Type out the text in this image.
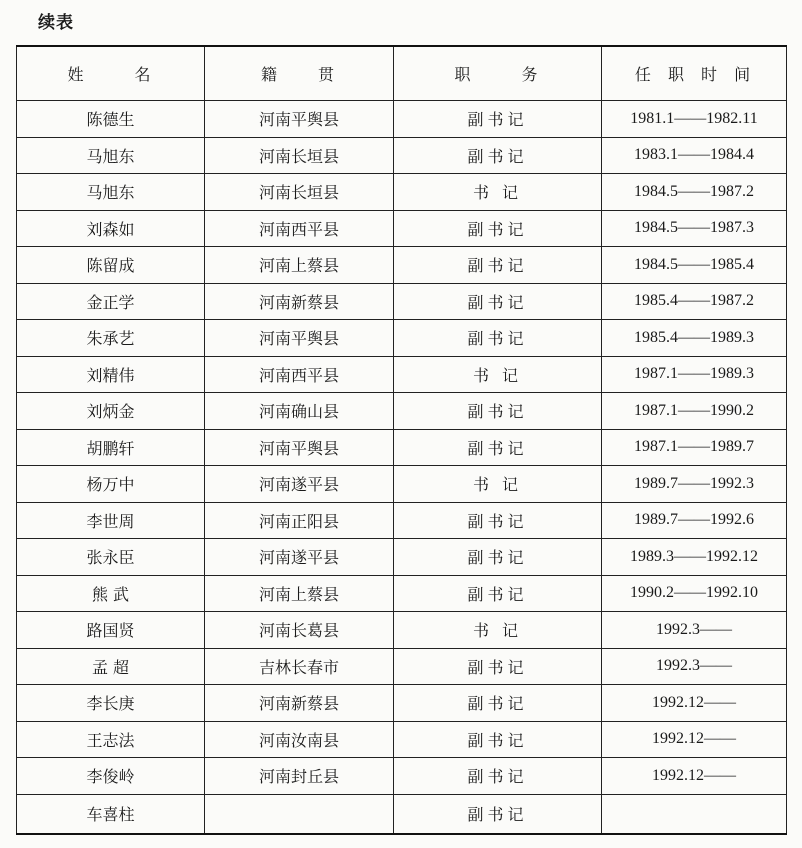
续表
姓 名	籍 贯	职 务	任 职 时 间
陈德生	河南平舆县	副书记	1981.1——1982.11
马旭东	河南长垣县	副书记	1983.1——1984.4
马旭东	河南长垣县	书 记	1984.5——1987.2
刘森如	河南西平县	副书记	1984.5——1987.3
陈留成	河南上蔡县	副书记	1984.5——1985.4
金正学	河南新蔡县	副书记	1985.4——1987.2
朱承艺	河南平舆县	副书记	1985.4——1989.3
刘精伟	河南西平县	书 记	1987.1——1989.3
刘炳金	河南确山县	副书记	1987.1——1990.2
胡鹏轩	河南平舆县	副书记	1987.1——1989.7
杨万中	河南遂平县	书 记	1989.7——1992.3
李世周	河南正阳县	副书记	1989.7——1992.6
张永臣	河南遂平县	副书记	1989.3——1992.12
熊 武	河南上蔡县	副书记	1990.2——1992.10
路国贤	河南长葛县	书 记	1992.3——
孟 超	吉林长春市	副书记	1992.3——
李长庚	河南新蔡县	副书记	1992.12——
王志法	河南汝南县	副书记	1992.12——
李俊岭	河南封丘县	副书记	1992.12——
车喜柱		副书记	
